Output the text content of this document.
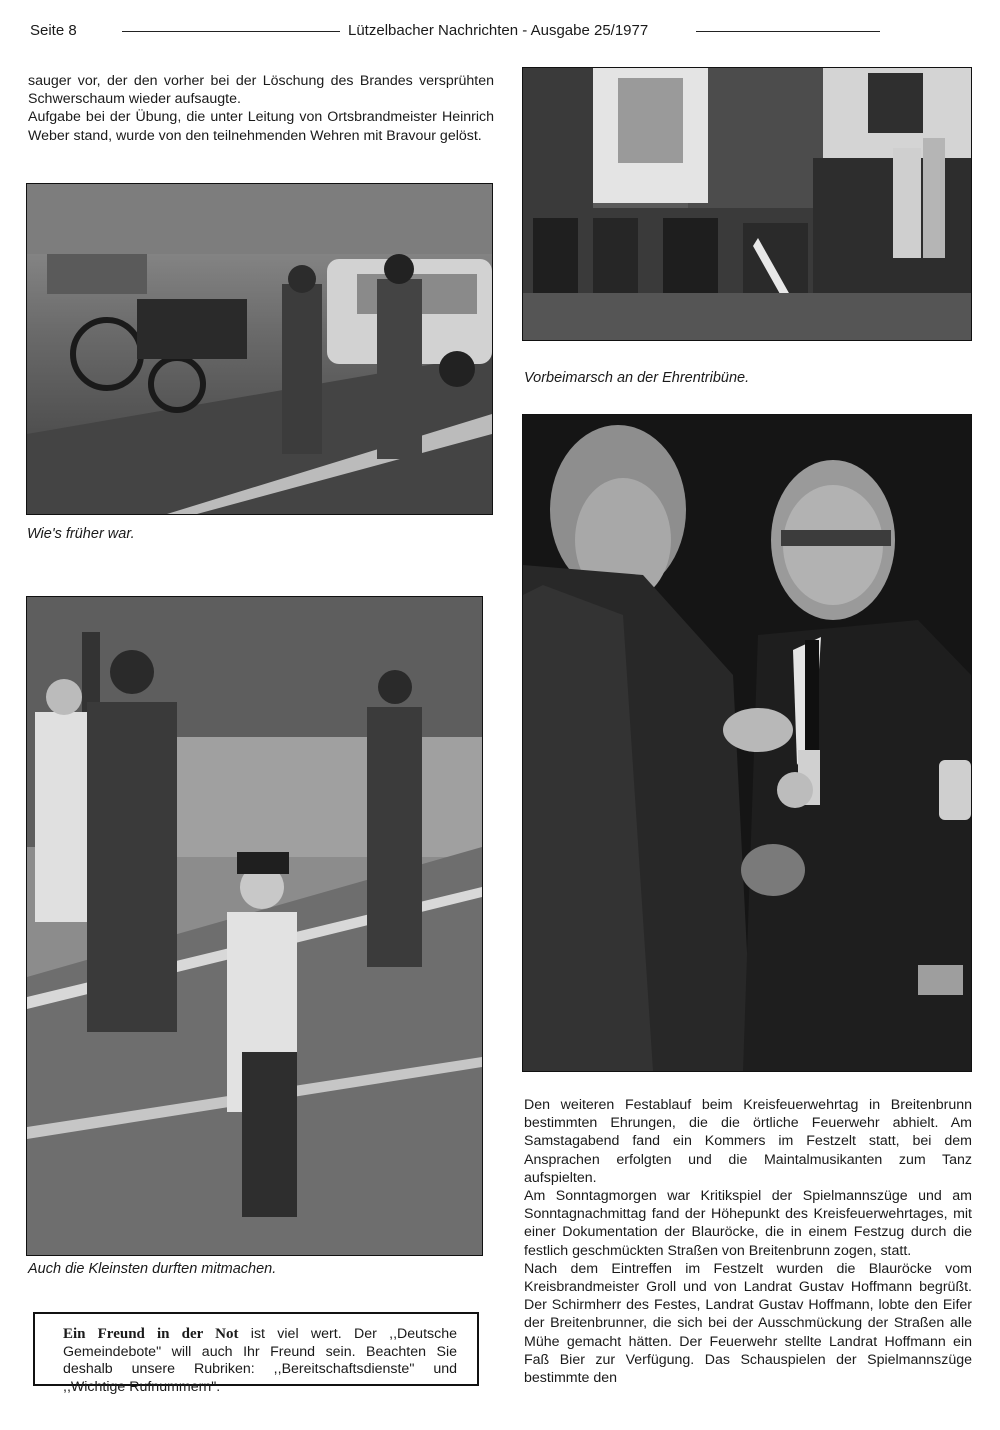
Seite 8	Lützelbacher Nachrichten - Ausgabe 25/1977

sauger vor, der den vorher bei der Löschung des Brandes versprühten Schwerschaum wieder aufsaugte.

Aufgabe bei der Übung, die unter Leitung von Ortsbrandmeister Heinrich Weber stand, wurde von den teilnehmenden Wehren mit Bravour gelöst.

Wie's früher war.

Auch die Kleinsten durften mitmachen.

Ein Freund in der Not ist viel wert. Der ,,Deutsche Gemeindebote" will auch Ihr Freund sein. Beachten Sie deshalb unsere Rubriken: ,,Bereitschaftsdienste" und ,,Wichtige Rufnummern".

Vorbeimarsch an der Ehrentribüne.

Den weiteren Festablauf beim Kreisfeuerwehrtag in Breitenbrunn bestimmten Ehrungen, die die örtliche Feuerwehr abhielt. Am Samstagabend fand ein Kommers im Festzelt statt, bei dem Ansprachen erfolgten und die Maintalmusikanten zum Tanz aufspielten.

Am Sonntagmorgen war Kritikspiel der Spielmannszüge und am Sonntagnachmittag fand der Höhepunkt des Kreisfeuerwehrtages, mit einer Dokumentation der Blauröcke, die in einem Festzug durch die festlich geschmückten Straßen von Breitenbrunn zogen, statt.

Nach dem Eintreffen im Festzelt wurden die Blauröcke vom Kreisbrandmeister Groll und von Landrat Gustav Hoffmann begrüßt. Der Schirmherr des Festes, Landrat Gustav Hoffmann, lobte den Eifer der Breitenbrunner, die sich bei der Ausschmückung der Straßen alle Mühe gemacht hätten. Der Feuerwehr stellte Landrat Hoffmann ein Faß Bier zur Verfügung. Das Schauspielen der Spielmannszüge bestimmte den
